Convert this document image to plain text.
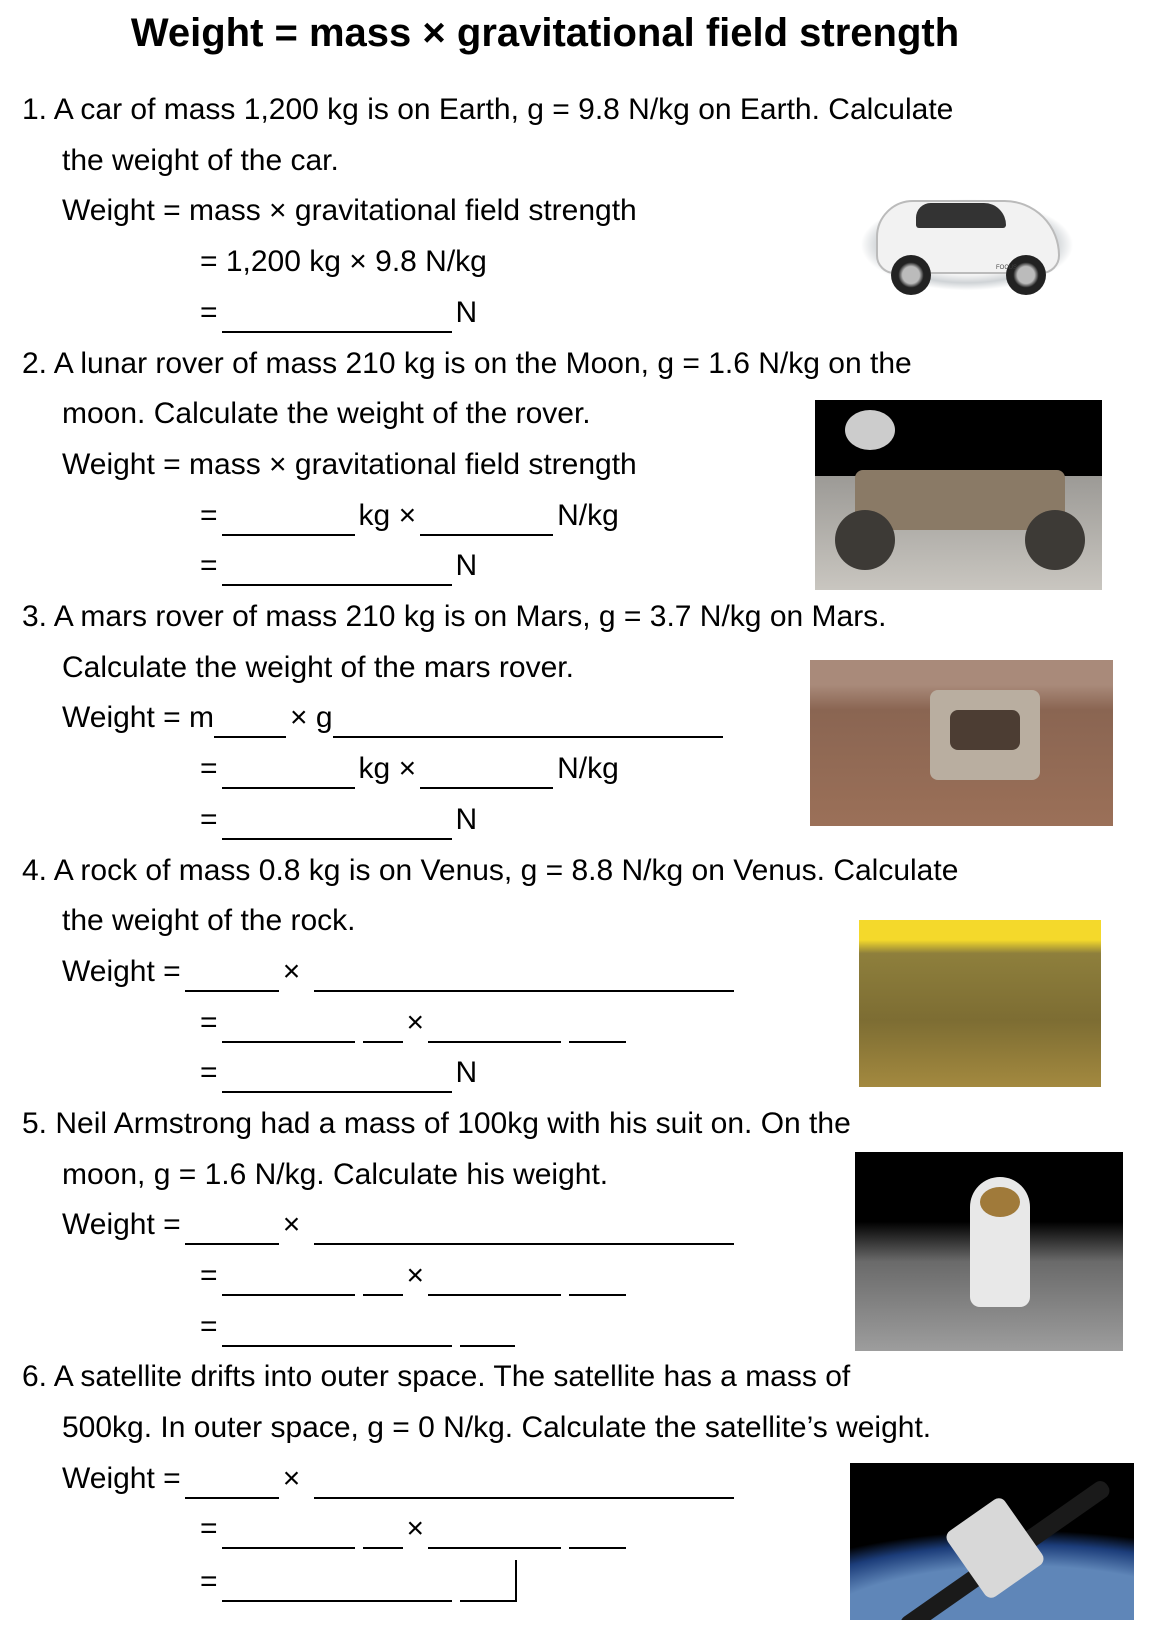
Weight = mass × gravitational field strength
1. A car of mass 1,200 kg is on Earth, g = 9.8 N/kg on Earth. Calculate
the weight of the car.
Weight = mass × gravitational field strength
= 1,200 kg × 9.8 N/kg
=	N
2. A lunar rover of mass 210 kg is on the Moon, g = 1.6 N/kg on the
moon. Calculate the weight of the rover.
Weight = mass × gravitational field strength
=	kg ×	N/kg
=	N
3. A mars rover of mass 210 kg is on Mars, g = 3.7 N/kg on Mars.
Calculate the weight of the mars rover.
Weight = m	× g
=	kg ×	N/kg
=	N
4. A rock of mass 0.8 kg is on Venus, g = 8.8 N/kg on Venus. Calculate
the weight of the rock.
Weight =	×
=	×
=	N
5. Neil Armstrong had a mass of 100kg with his suit on. On the
moon, g = 1.6 N/kg. Calculate his weight.
Weight =	×
=	×
=
6. A satellite drifts into outer space. The satellite has a mass of
500kg. In outer space, g = 0 N/kg. Calculate the satellite’s weight.
Weight =	×
=	×
=
FOCUS
